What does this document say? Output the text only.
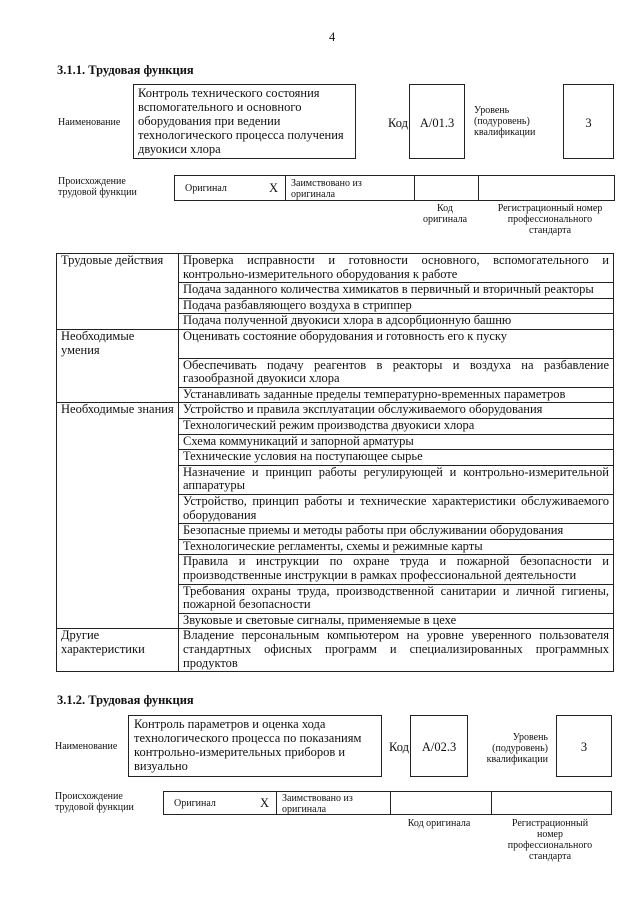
4
3.1.1. Трудовая функция
Наименование
Контроль технического состояния вспомогательного и основного оборудования при ведении технологического процесса получения двуокиси хлора
Код А/01.3
Уровень (подуровень) квалификации
3
Происхождение трудовой функции	Оригинал	X Заимствовано из оригинала
Код оригинала
Регистрационный номер профессионального стандарта
Трудовые действия	Проверка исправности и готовности основного, вспомогательного и контрольно-измерительного оборудования к работе
	Подача заданного количества химикатов в первичный и вторичный реакторы
	Подача разбавляющего воздуха в стриппер
	Подача полученной двуокиси хлора в адсорбционную башню
Необходимые умения	Оценивать состояние оборудования и готовность его к пуску
	Обеспечивать подачу реагентов в реакторы и воздуха на разбавление газообразной двуокиси хлора
	Устанавливать заданные пределы температурно-временных параметров
Необходимые знания	Устройство и правила эксплуатации обслуживаемого оборудования
	Технологический режим производства двуокиси хлора
	Схема коммуникаций и запорной арматуры
	Технические условия на поступающее сырье
	Назначение и принцип работы регулирующей и контрольно-измерительной аппаратуры
	Устройство, принцип работы и технические характеристики обслуживаемого оборудования
	Безопасные приемы и методы работы при обслуживании оборудования
	Технологические регламенты, схемы и режимные карты
	Правила и инструкции по охране труда и пожарной безопасности и производственные инструкции в рамках профессиональной деятельности
	Требования охраны труда, производственной санитарии и личной гигиены, пожарной безопасности
	Звуковые и световые сигналы, применяемые в цехе
Другие характеристики	Владение персональным компьютером на уровне уверенного пользователя стандартных офисных программ и специализированных программных продуктов
3.1.2. Трудовая функция
Наименование
Контроль параметров и оценка хода технологического процесса по показаниям контрольно-измерительных приборов и визуально
Код	А/02.3
Уровень (подуровень) квалификации
3
Происхождение трудовой функции	Оригинал	X Заимствовано из оригинала
Код оригинала	Регистрационный номер профессионального стандарта
